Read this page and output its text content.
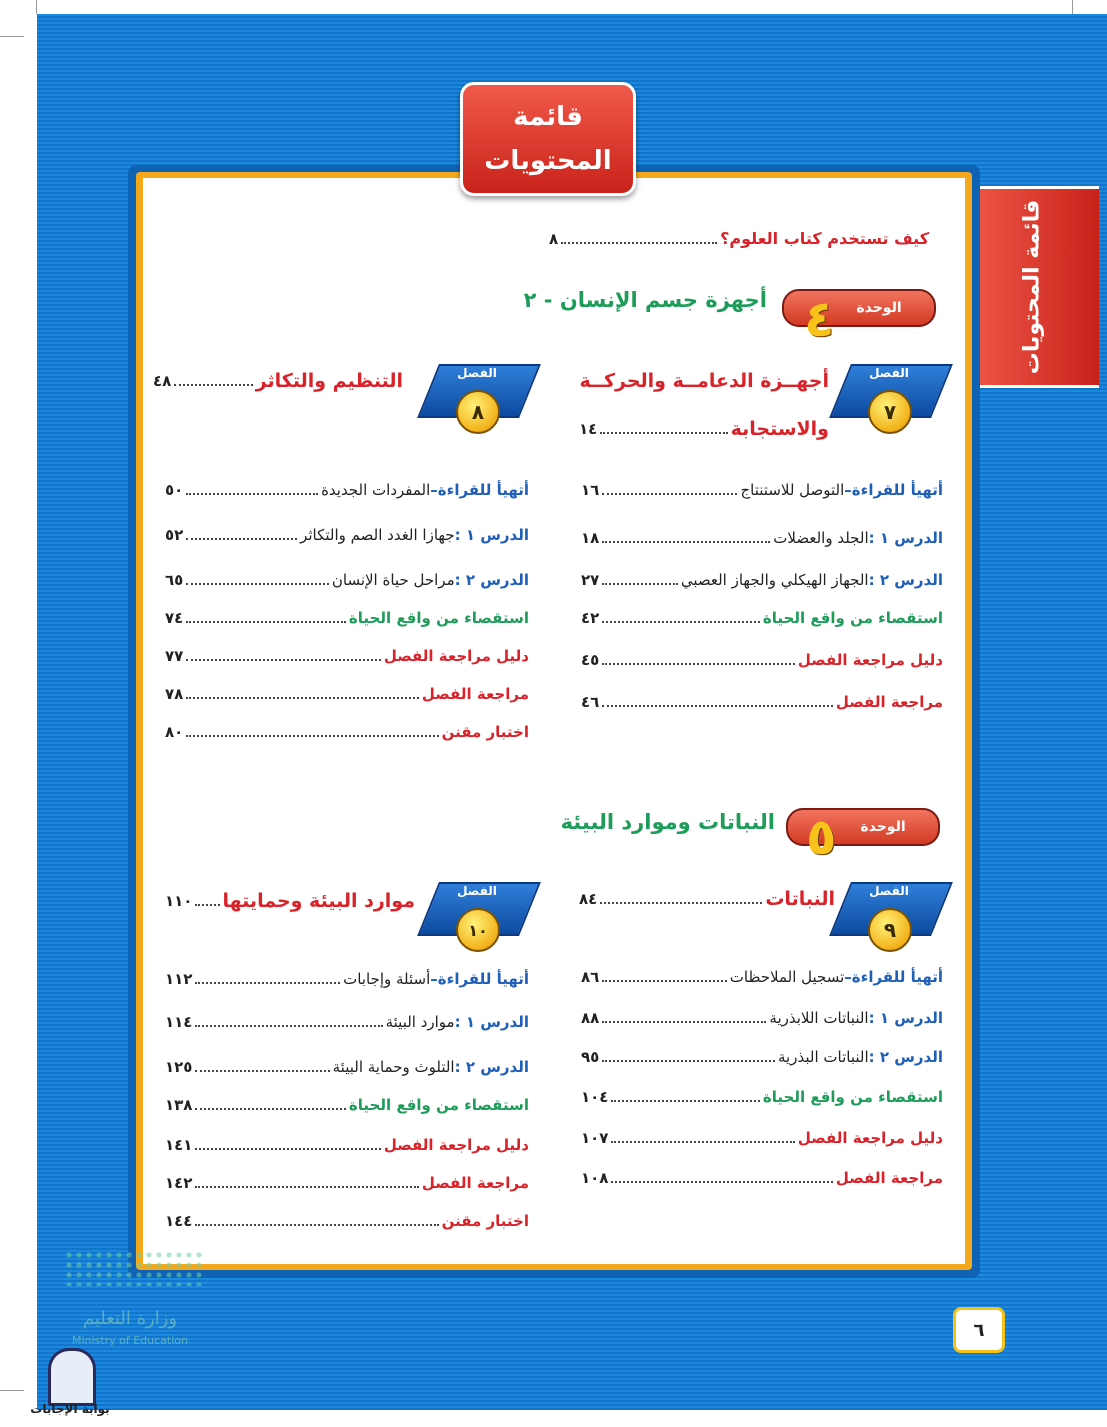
قائمة المحتويات
قائمة
المحتويات
كيف تستخدم كتاب العلوم؟
٨
الوحدة
٤
أجهزة جسم الإنسان - ٢
الفصل
٧
أجهــزة الدعامــة والحركــة
والاستجابة
١٤
أتهيأ للقراءة–
التوصل للاستنتاج
١٦
الدرس ١ :
الجلد والعضلات
١٨
الدرس ٢ :
الجهاز الهيكلي والجهاز العصبي
٢٧
استقصاء من واقع الحياة
٤٢
دليل مراجعة الفصل
٤٥
مراجعة الفصل
٤٦
الفصل
٨
التنظيم والتكاثر
٤٨
أتهيأ للقراءة–
المفردات الجديدة
٥٠
الدرس ١ :
جهازا الغدد الصم والتكاثر
٥٢
الدرس ٢ :
مراحل حياة الإنسان
٦٥
استقصاء من واقع الحياة
٧٤
دليل مراجعة الفصل
٧٧
مراجعة الفصل
٧٨
اختبار مقنن
٨٠
الوحدة
٥
النباتات وموارد البيئة
الفصل
٩
النباتات
٨٤
أتهيأ للقراءة–
تسجيل الملاحظات
٨٦
الدرس ١ :
النباتات اللابذرية
٨٨
الدرس ٢ :
النباتات البذرية
٩٥
استقصاء من واقع الحياة
١٠٤
دليل مراجعة الفصل
١٠٧
مراجعة الفصل
١٠٨
الفصل
١٠
موارد البيئة وحمايتها
١١٠
أتهيأ للقراءة–
أسئلة وإجابات
١١٢
الدرس ١ :
موارد البيئة
١١٤
الدرس ٢ :
التلوث وحماية البيئة
١٢٥
استقصاء من واقع الحياة
١٣٨
دليل مراجعة الفصل
١٤١
مراجعة الفصل
١٤٢
اختبار مقنن
١٤٤
٦
وزارة التعليم
Ministry of Education
بوابة الإجابات
